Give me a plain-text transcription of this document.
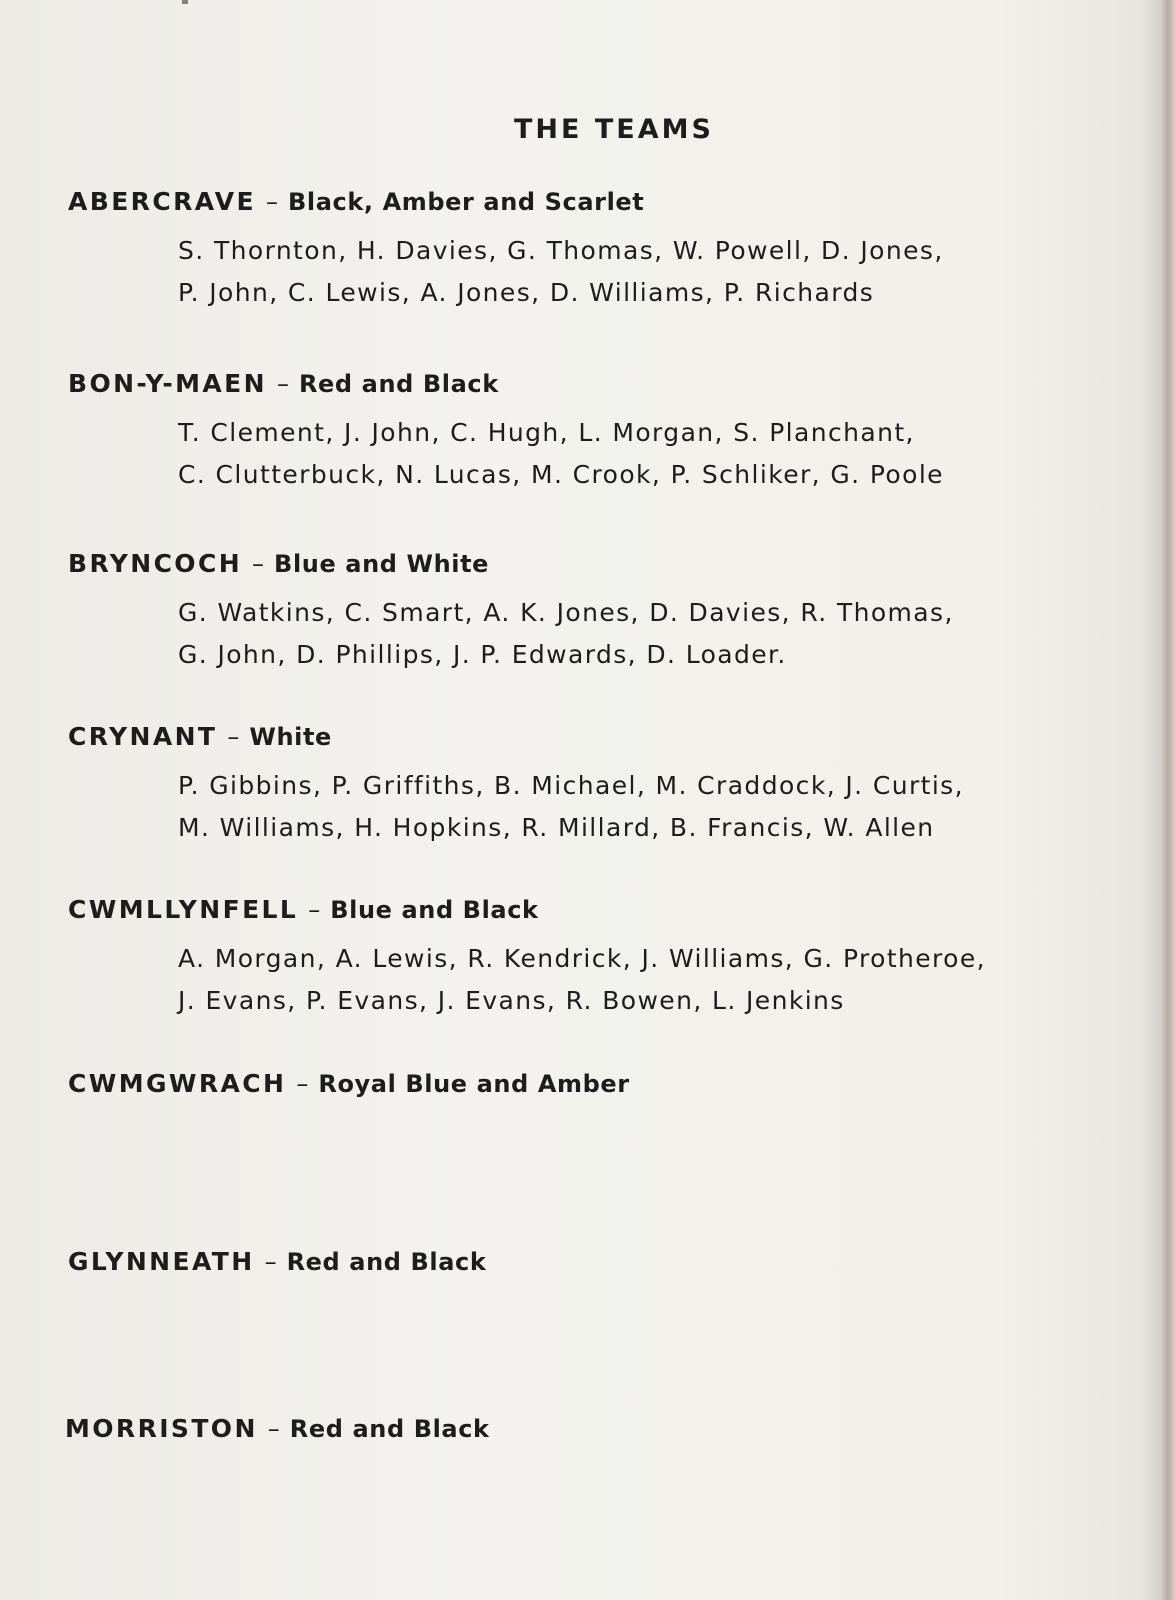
THE TEAMS
ABERCRAVE – Black, Amber and Scarlet
S. Thornton, H. Davies, G. Thomas, W. Powell, D. Jones,
P. John, C. Lewis, A. Jones, D. Williams, P. Richards
BON-Y-MAEN – Red and Black
T. Clement, J. John, C. Hugh, L. Morgan, S. Planchant,
C. Clutterbuck, N. Lucas, M. Crook, P. Schliker, G. Poole
BRYNCOCH – Blue and White
G. Watkins, C. Smart, A. K. Jones, D. Davies, R. Thomas,
G. John, D. Phillips, J. P. Edwards, D. Loader.
CRYNANT – White
P. Gibbins, P. Griffiths, B. Michael, M. Craddock, J. Curtis,
M. Williams, H. Hopkins, R. Millard, B. Francis, W. Allen
CWMLLYNFELL – Blue and Black
A. Morgan, A. Lewis, R. Kendrick, J. Williams, G. Protheroe,
J. Evans, P. Evans, J. Evans, R. Bowen, L. Jenkins
CWMGWRACH – Royal Blue and Amber
GLYNNEATH – Red and Black
MORRISTON – Red and Black
